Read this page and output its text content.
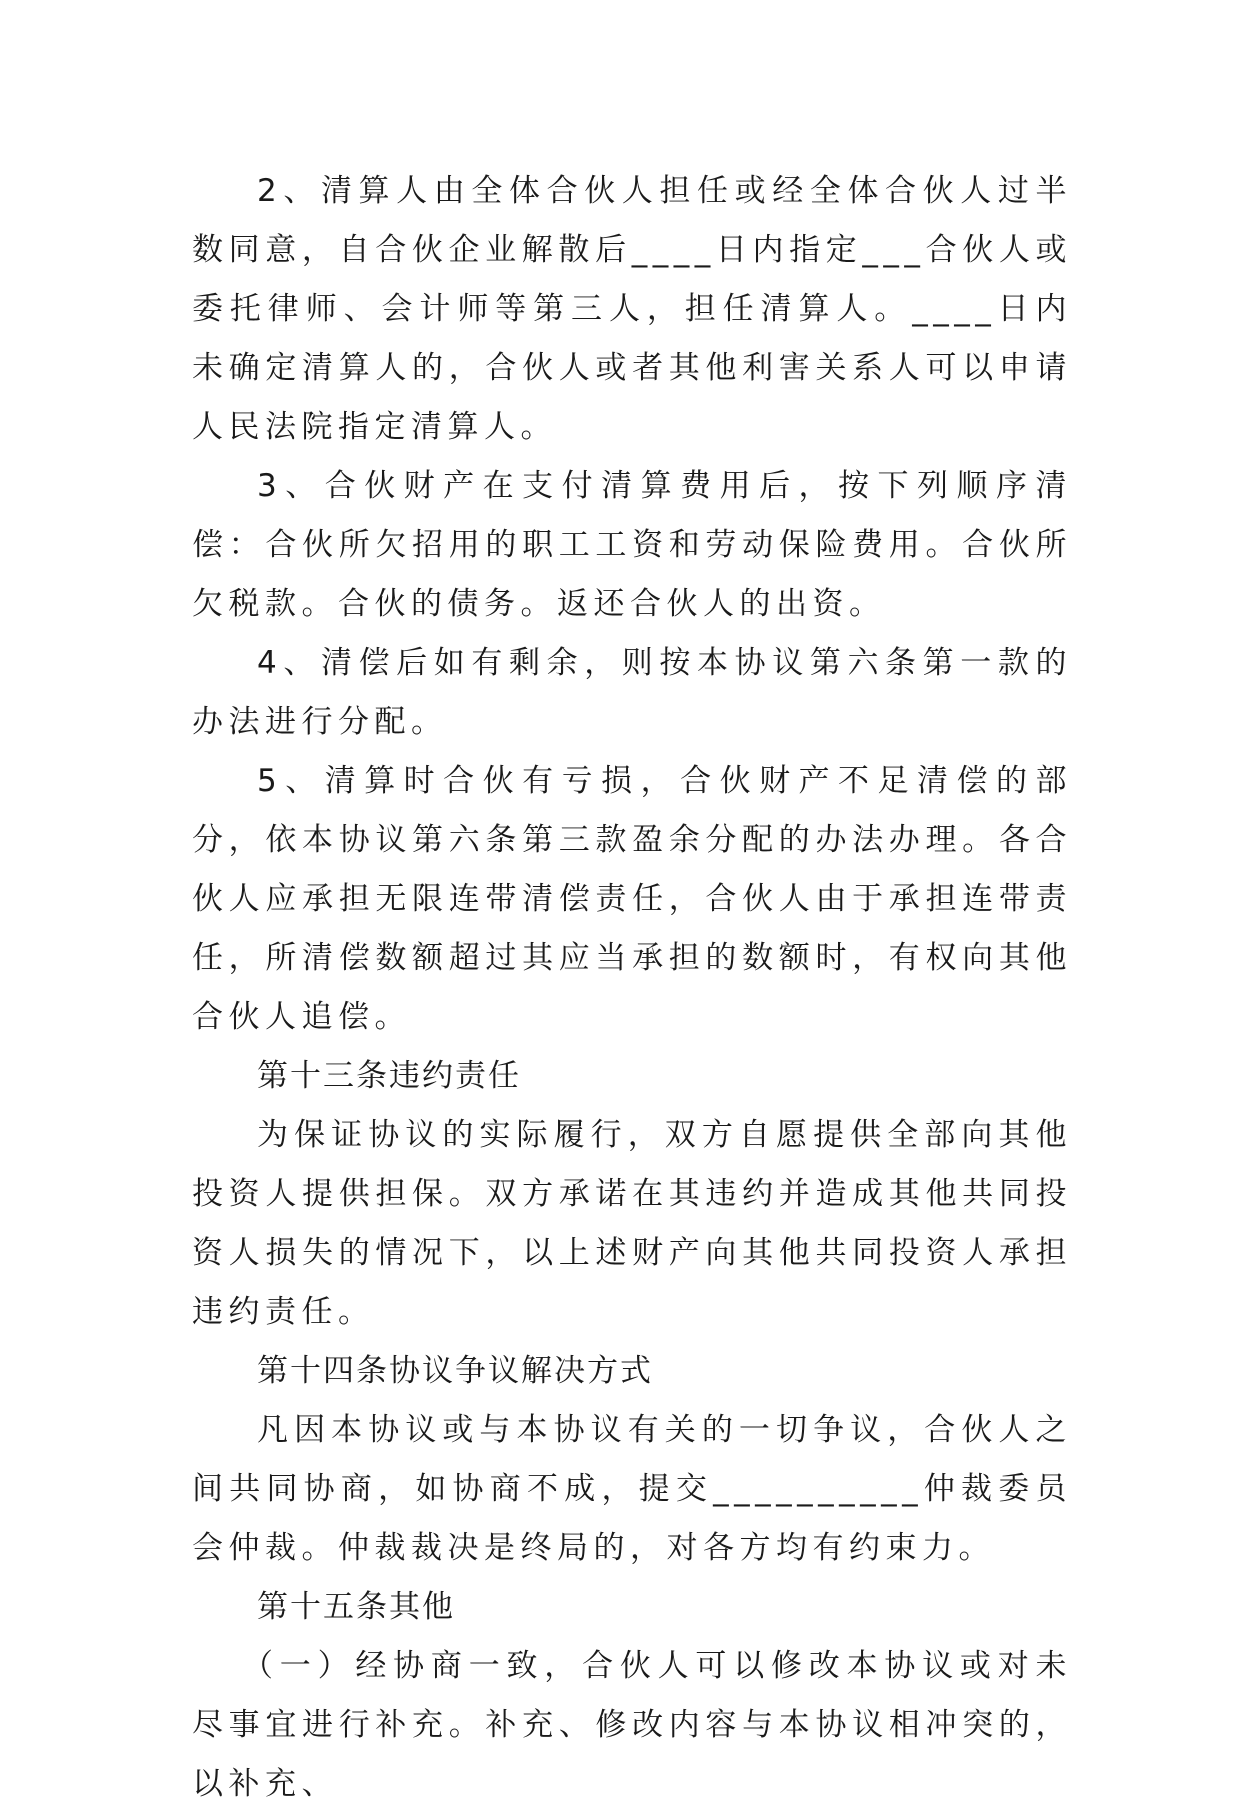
2、清算人由全体合伙人担任或经全体合伙人过半数同意，自合伙企业解散后____日内指定___合伙人或委托律师、会计师等第三人，担任清算人。____日内未确定清算人的，合伙人或者其他利害关系人可以申请人民法院指定清算人。

3、合伙财产在支付清算费用后，按下列顺序清偿：合伙所欠招用的职工工资和劳动保险费用。合伙所欠税款。合伙的债务。返还合伙人的出资。

4、清偿后如有剩余，则按本协议第六条第一款的办法进行分配。

5、清算时合伙有亏损，合伙财产不足清偿的部分，依本协议第六条第三款盈余分配的办法办理。各合伙人应承担无限连带清偿责任，合伙人由于承担连带责任，所清偿数额超过其应当承担的数额时，有权向其他合伙人追偿。

第十三条违约责任

为保证协议的实际履行，双方自愿提供全部向其他投资人提供担保。双方承诺在其违约并造成其他共同投资人损失的情况下，以上述财产向其他共同投资人承担违约责任。

第十四条协议争议解决方式

凡因本协议或与本协议有关的一切争议，合伙人之间共同协商，如协商不成，提交__________仲裁委员会仲裁。仲裁裁决是终局的，对各方均有约束力。

第十五条其他

（一）经协商一致，合伙人可以修改本协议或对未尽事宜进行补充。补充、修改内容与本协议相冲突的，以补充、
